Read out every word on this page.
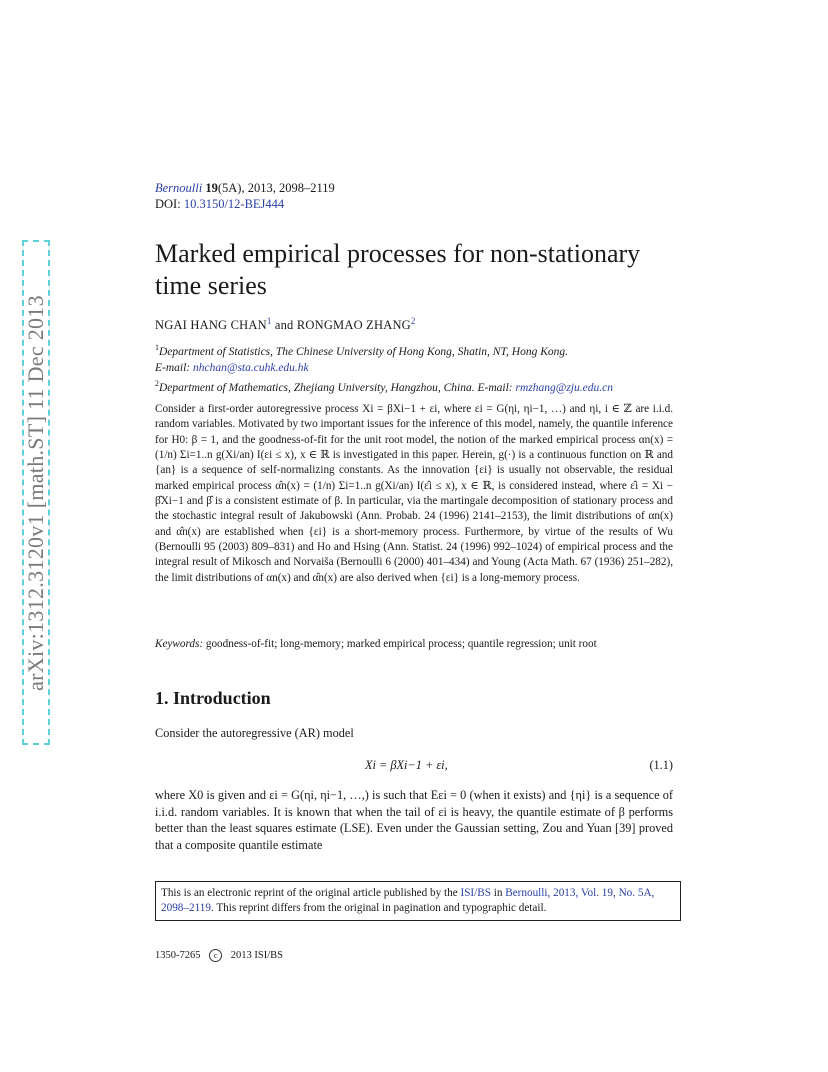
arXiv:1312.3120v1 [math.ST] 11 Dec 2013
Bernoulli 19(5A), 2013, 2098–2119
DOI: 10.3150/12-BEJ444
Marked empirical processes for non-stationary time series
NGAI HANG CHAN$^1$ and RONGMAO ZHANG$^2$
$^1$Department of Statistics, The Chinese University of Hong Kong, Shatin, NT, Hong Kong.
E-mail: nhchan@sta.cuhk.edu.hk
$^2$Department of Mathematics, Zhejiang University, Hangzhou, China. E-mail: rmzhang@zju.edu.cn
Consider a first-order autoregressive process Xi = βXi−1 + εi, where εi = G(ηi, ηi−1, …) and ηi, i ∈ ℤ are i.i.d. random variables. Motivated by two important issues for the inference of this model, namely, the quantile inference for H0: β = 1, and the goodness-of-fit for the unit root model, the notion of the marked empirical process αn(x) = (1/n) Σi=1..n g(Xi/an) I(εi ≤ x), x ∈ ℝ is investigated in this paper. Herein, g(·) is a continuous function on ℝ and {an} is a sequence of self-normalizing constants. As the innovation {εi} is usually not observable, the residual marked empirical process α̂n(x) = (1/n) Σi=1..n g(Xi/an) I(ε̂i ≤ x), x ∈ ℝ, is considered instead, where ε̂i = Xi − β̂Xi−1 and β̂ is a consistent estimate of β. In particular, via the martingale decomposition of stationary process and the stochastic integral result of Jakubowski (Ann. Probab. 24 (1996) 2141–2153), the limit distributions of αn(x) and α̂n(x) are established when {εi} is a short-memory process. Furthermore, by virtue of the results of Wu (Bernoulli 95 (2003) 809–831) and Ho and Hsing (Ann. Statist. 24 (1996) 992–1024) of empirical process and the integral result of Mikosch and Norvaiša (Bernoulli 6 (2000) 401–434) and Young (Acta Math. 67 (1936) 251–282), the limit distributions of αn(x) and α̂n(x) are also derived when {εi} is a long-memory process.
Keywords: goodness-of-fit; long-memory; marked empirical process; quantile regression; unit root
1. Introduction
Consider the autoregressive (AR) model
Xi = βXi−1 + εi,	(1.1)
where X0 is given and εi = G(ηi, ηi−1, …,) is such that Eεi = 0 (when it exists) and {ηi} is a sequence of i.i.d. random variables. It is known that when the tail of εi is heavy, the quantile estimate of β performs better than the least squares estimate (LSE). Even under the Gaussian setting, Zou and Yuan [39] proved that a composite quantile estimate
This is an electronic reprint of the original article published by the ISI/BS in Bernoulli, 2013, Vol. 19, No. 5A, 2098–2119. This reprint differs from the original in pagination and typographic detail.
1350-7265 c 2013 ISI/BS
